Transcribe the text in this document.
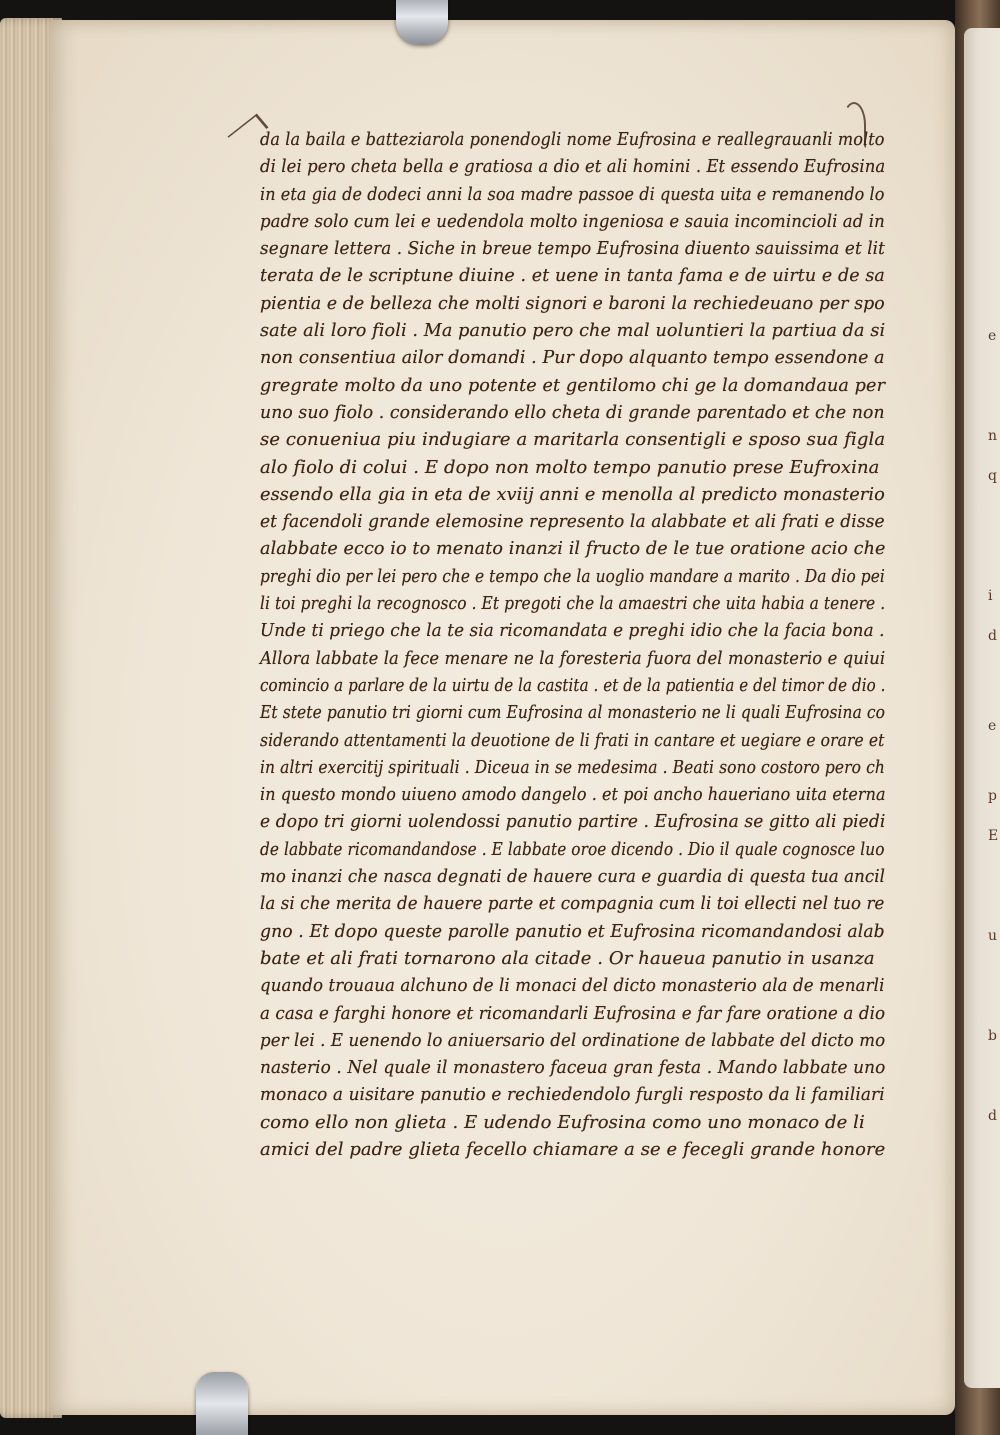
e
n
q
i
d
e
p
E
u
b
d
da la baila e batteziarola ponendogli nome Eufrosina e reallegrauanli molto
di lei pero cheta bella e gratiosa a dio et ali homini . Et essendo Eufrosina
in eta gia de dodeci anni la soa madre passoe di questa uita e remanendo lo
padre solo cum lei e uedendola molto ingeniosa e sauia incomincioli ad in
segnare lettera . Siche in breue tempo Eufrosina diuento sauissima et lit
terata de le scriptune diuine . et uene in tanta fama e de uirtu e de sa
pientia e de belleza che molti signori e baroni la rechiedeuano per spo
sate ali loro fioli . Ma panutio pero che mal uoluntieri la partiua da si
non consentiua ailor domandi . Pur dopo alquanto tempo essendone a
gregrate molto da uno potente et gentilomo chi ge la domandaua per
uno suo fiolo . considerando ello cheta di grande parentado et che non
se conueniua piu indugiare a maritarla consentigli e sposo sua figla
alo fiolo di colui . E dopo non molto tempo panutio prese Eufroxina
essendo ella gia in eta de xviij anni e menolla al predicto monasterio
et facendoli grande elemosine represento la alabbate et ali frati e disse
alabbate ecco io to menato inanzi il fructo de le tue oratione acio che
preghi dio per lei pero che e tempo che la uoglio mandare a marito . Da dio pei
li toi preghi la recognosco . Et pregoti che la amaestri che uita habia a tenere .
Unde ti priego che la te sia ricomandata e preghi idio che la facia bona .
Allora labbate la fece menare ne la foresteria fuora del monasterio e quiui
comincio a parlare de la uirtu de la castita . et de la patientia e del timor de dio .
Et stete panutio tri giorni cum Eufrosina al monasterio ne li quali Eufrosina co
siderando attentamenti la deuotione de li frati in cantare et uegiare e orare et
in altri exercitij spirituali . Diceua in se medesima . Beati sono costoro pero ch
in questo mondo uiueno amodo dangelo . et poi ancho haueriano uita eterna
e dopo tri giorni uolendossi panutio partire . Eufrosina se gitto ali piedi
de labbate ricomandandose . E labbate oroe dicendo . Dio il quale cognosce luo
mo inanzi che nasca degnati de hauere cura e guardia di questa tua ancil
la si che merita de hauere parte et compagnia cum li toi ellecti nel tuo re
gno . Et dopo queste parolle panutio et Eufrosina ricomandandosi alab
bate et ali frati tornarono ala citade . Or haueua panutio in usanza
quando trouaua alchuno de li monaci del dicto monasterio ala de menarli
a casa e farghi honore et ricomandarli Eufrosina e far fare oratione a dio
per lei . E uenendo lo aniuersario del ordinatione de labbate del dicto mo
nasterio . Nel quale il monastero faceua gran festa . Mando labbate uno
monaco a uisitare panutio e rechiedendolo furgli resposto da li familiari
como ello non glieta . E udendo Eufrosina como uno monaco de li
amici del padre glieta fecello chiamare a se e fecegli grande honore
